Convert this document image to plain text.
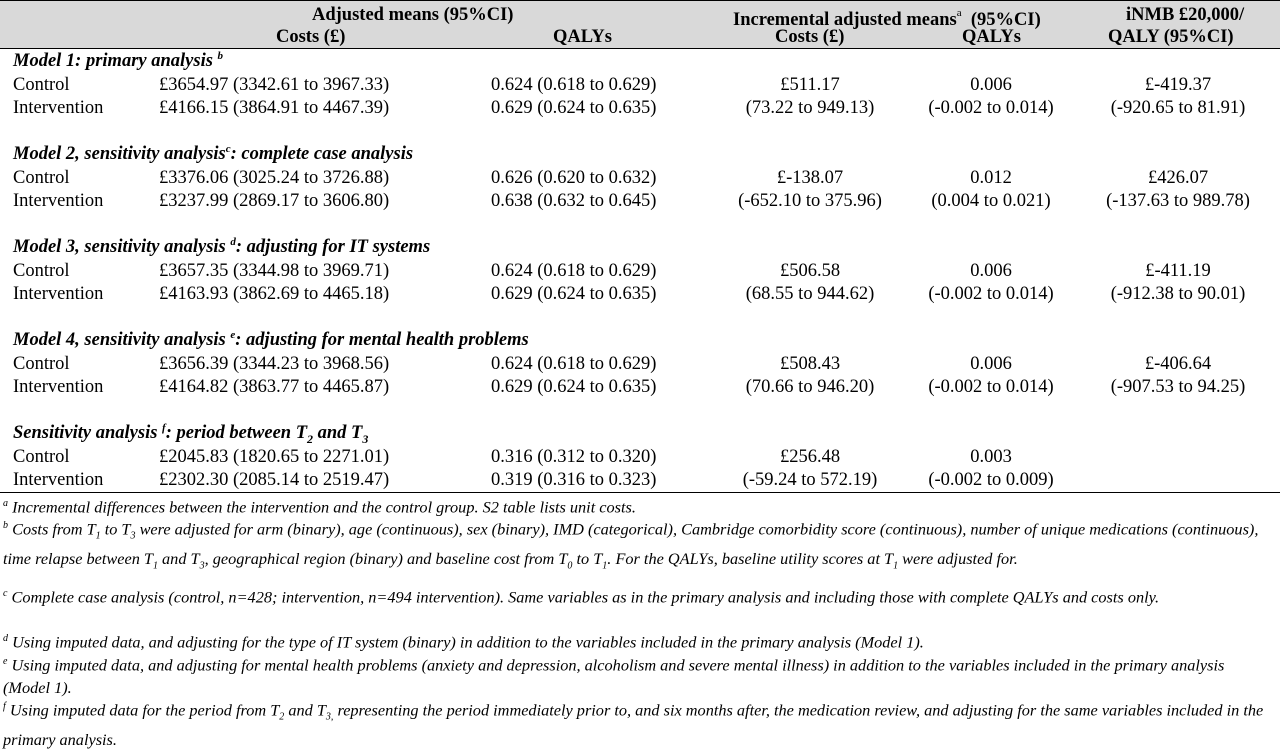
Adjusted means (95%CI)
Costs (£)	QALYs
Incremental adjusted means$^a$ (95%CI)
Costs (£)	QALYs
iNMB £20,000/
QALY (95%CI)
Model 1: primary analysis $^b$
Control	£3654.97 (3342.61 to 3967.33)	0.624 (0.618 to 0.629)	£511.17	0.006	£-419.37
Intervention	£4166.15 (3864.91 to 4467.39)	0.629 (0.624 to 0.635)	(73.22 to 949.13)	(-0.002 to 0.014)	(-920.65 to 81.91)
Model 2, sensitivity analysis$^c$: complete case analysis
Control	£3376.06 (3025.24 to 3726.88)	0.626 (0.620 to 0.632)	£-138.07	0.012	£426.07
Intervention	£3237.99 (2869.17 to 3606.80)	0.638 (0.632 to 0.645)	(-652.10 to 375.96)	(0.004 to 0.021)	(-137.63 to 989.78)
Model 3, sensitivity analysis $^d$: adjusting for IT systems
Control	£3657.35 (3344.98 to 3969.71)	0.624 (0.618 to 0.629)	£506.58	0.006	£-411.19
Intervention	£4163.93 (3862.69 to 4465.18)	0.629 (0.624 to 0.635)	(68.55 to 944.62)	(-0.002 to 0.014)	(-912.38 to 90.01)
Model 4, sensitivity analysis $^e$: adjusting for mental health problems
Control	£3656.39 (3344.23 to 3968.56)	0.624 (0.618 to 0.629)	£508.43	0.006	£-406.64
Intervention	£4164.82 (3863.77 to 4465.87)	0.629 (0.624 to 0.635)	(70.66 to 946.20)	(-0.002 to 0.014)	(-907.53 to 94.25)
Sensitivity analysis $^f$: period between $T_2$ and $T_3$
Control	£2045.83 (1820.65 to 2271.01)	0.316 (0.312 to 0.320)	£256.48	0.003
Intervention	£2302.30 (2085.14 to 2519.47)	0.319 (0.316 to 0.323)	(-59.24 to 572.19)	(-0.002 to 0.009)
$^a$ Incremental differences between the intervention and the control group. S2 table lists unit costs.
$^b$ Costs from $T_1$ to $T_3$ were adjusted for arm (binary), age (continuous), sex (binary), IMD (categorical), Cambridge comorbidity score (continuous), number of unique medications (continuous), time relapse between $T_1$ and $T_3$, geographical region (binary) and baseline cost from $T_0$ to $T_1$. For the QALYs, baseline utility scores at $T_1$ were adjusted for.
$^c$ Complete case analysis (control, n=428; intervention, n=494 intervention). Same variables as in the primary analysis and including those with complete QALYs and costs only.
$^d$ Using imputed data, and adjusting for the type of IT system (binary) in addition to the variables included in the primary analysis (Model 1).
$^e$ Using imputed data, and adjusting for mental health problems (anxiety and depression, alcoholism and severe mental illness) in addition to the variables included in the primary analysis (Model 1).
$^f$ Using imputed data for the period from $T_2$ and $T_{3,}$ representing the period immediately prior to, and six months after, the medication review, and adjusting for the same variables included in the primary analysis.
